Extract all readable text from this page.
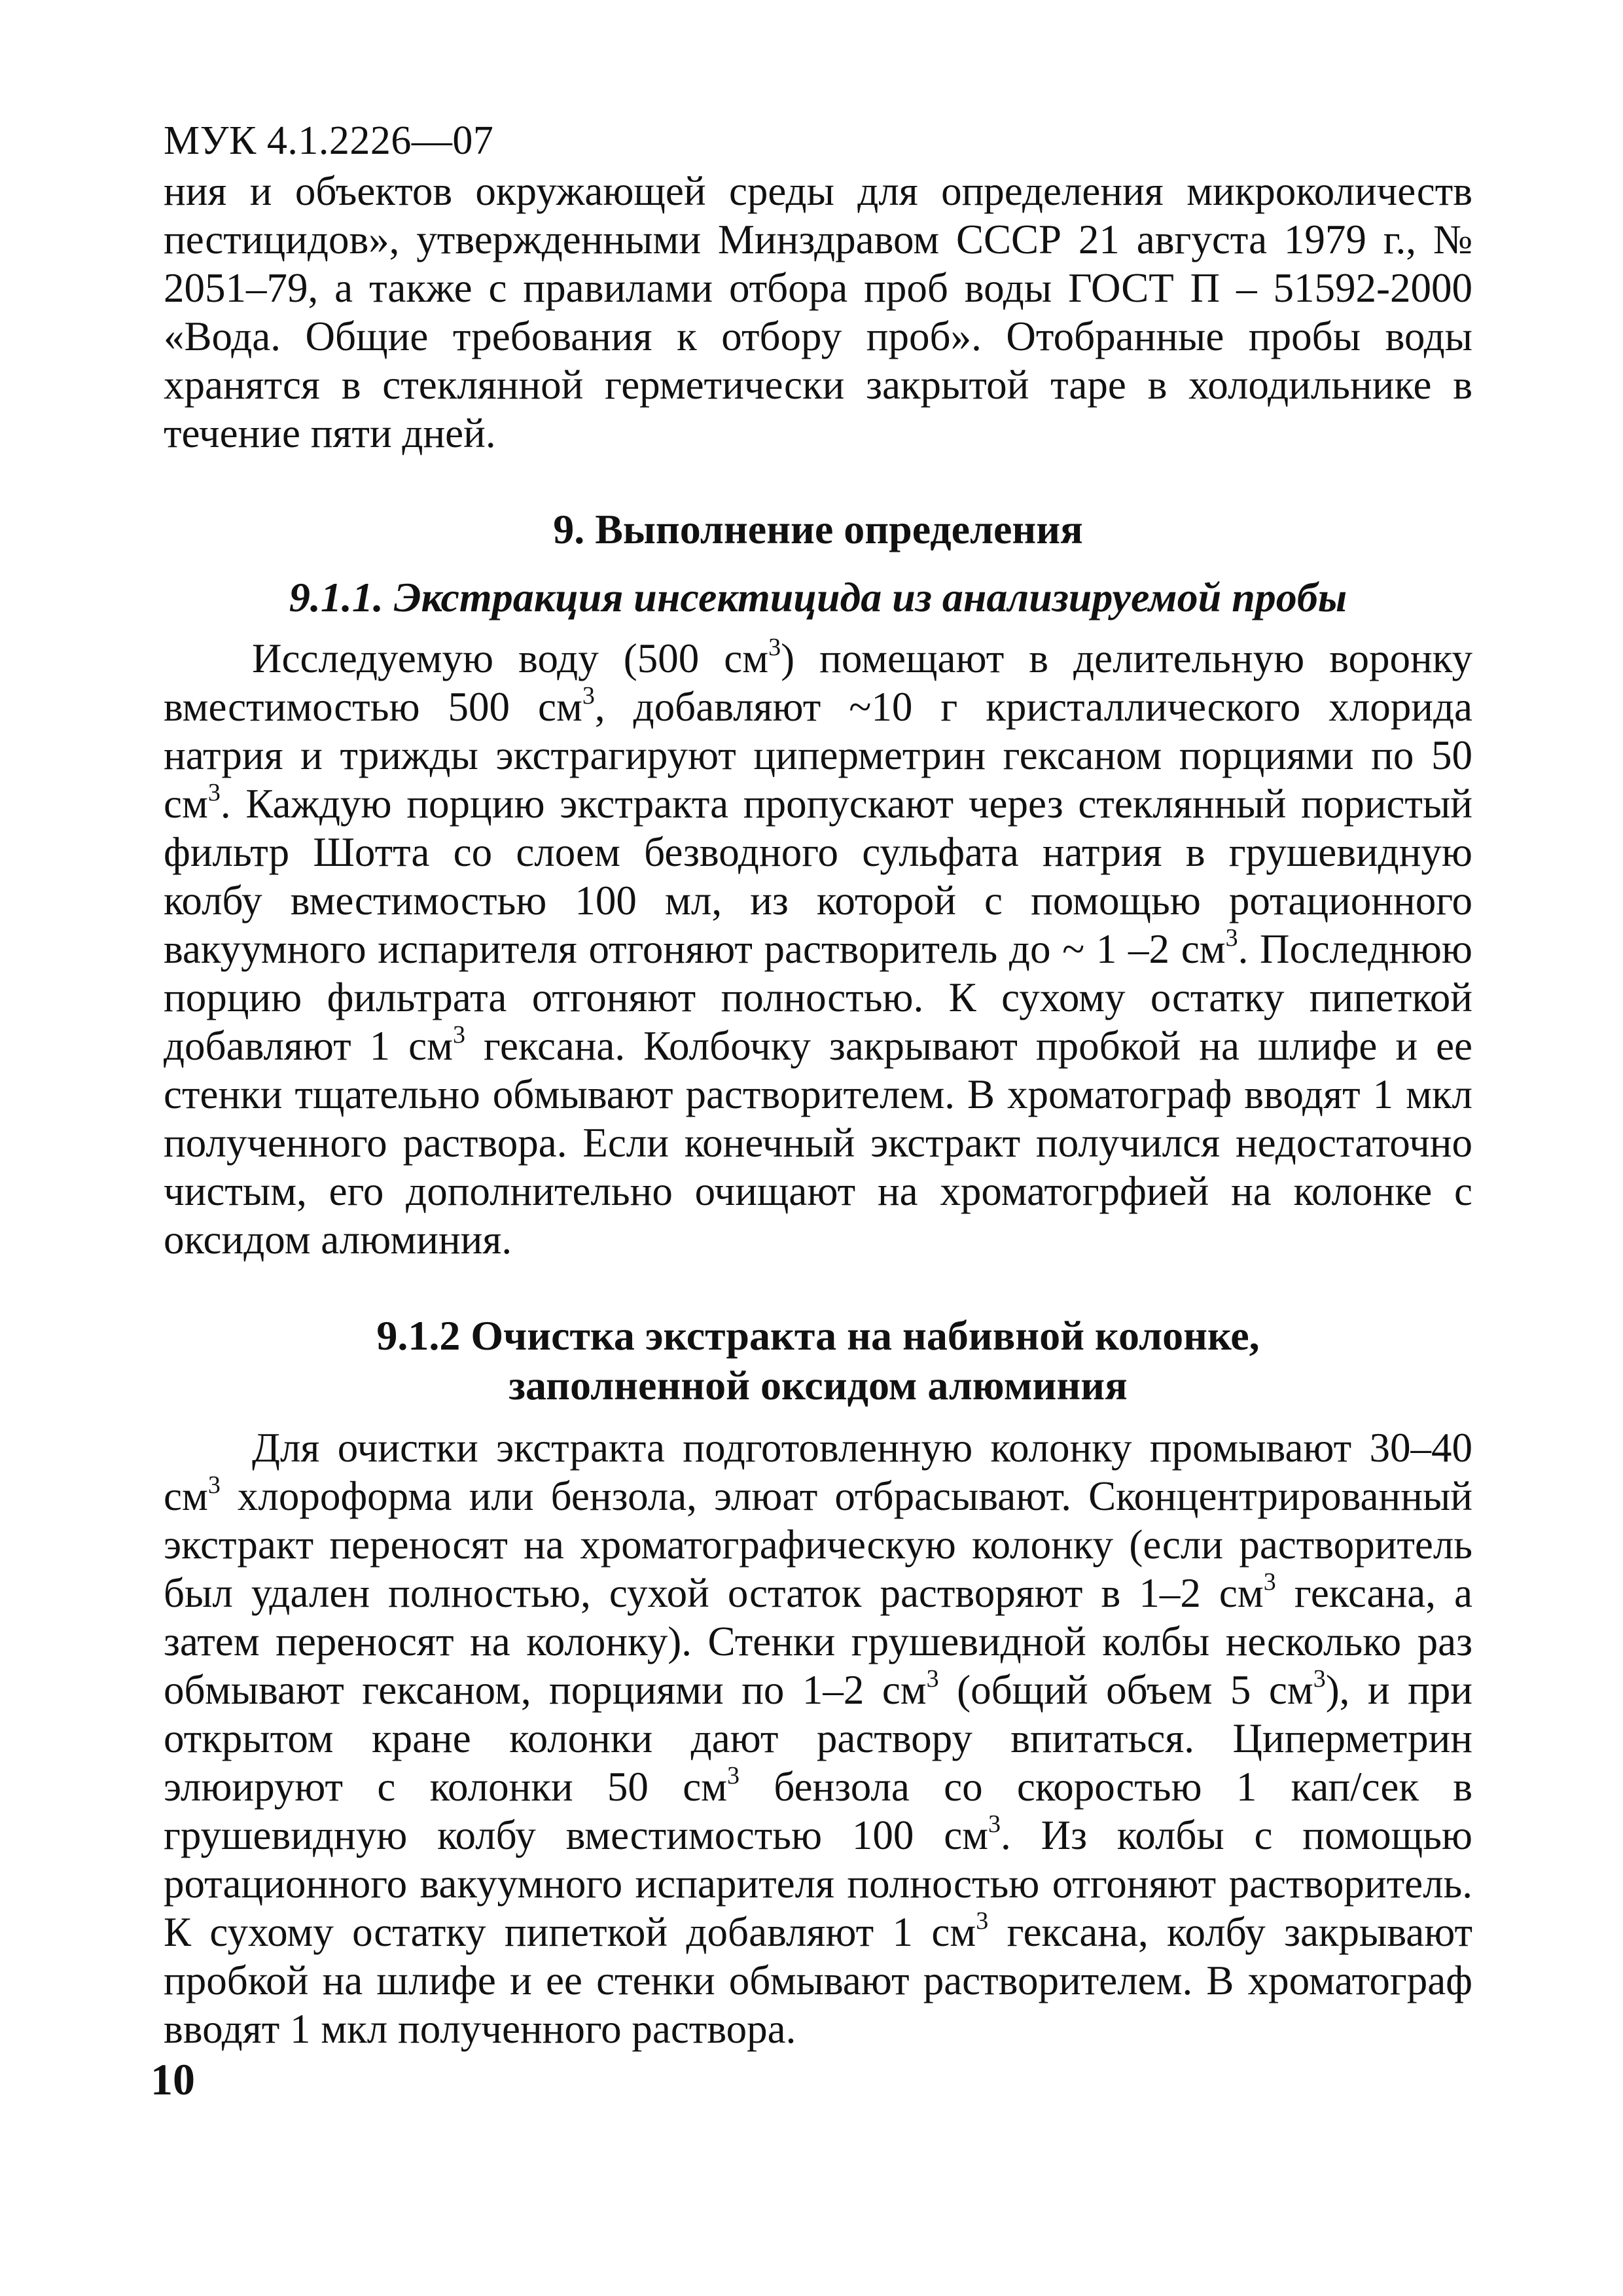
МУК 4.1.2226—07

ния и объектов окружающей среды для определения микроколичеств пестицидов», утвержденными Минздравом СССР 21 августа 1979 г., № 2051–79, а также с правилами отбора проб воды ГОСТ П – 51592-2000 «Вода. Общие требования к отбору проб». Отобранные пробы воды хранятся в стеклянной герметически закрытой таре в холодильнике в течение пяти дней.

9. Выполнение определения

9.1.1. Экстракция инсектицида из анализируемой пробы

Исследуемую воду (500 $см^3$) помещают в делительную воронку вместимостью 500 $см^3$, добавляют ~10 г кристаллического хлорида натрия и трижды экстрагируют циперметрин гексаном порциями по 50 $см^3$. Каждую порцию экстракта пропускают через стеклянный пористый фильтр Шотта со слоем безводного сульфата натрия в грушевидную колбу вместимостью 100 мл, из которой с помощью ротационного вакуумного испарителя отгоняют растворитель до ~ 1 –2 $см^3$. Последнюю порцию фильтрата отгоняют полностью. К сухому остатку пипеткой добавляют 1 $см^3$ гексана. Колбочку закрывают пробкой на шлифе и ее стенки тщательно обмывают растворителем. В хроматограф вводят 1 мкл полученного раствора. Если конечный экстракт получился недостаточно чистым, его дополнительно очищают на хроматогрфией на колонке с оксидом алюминия.

9.1.2 Очистка экстракта на набивной колонке,

заполненной оксидом алюминия

Для очистки экстракта подготовленную колонку промывают 30–40 $см^3$ хлороформа или бензола, элюат отбрасывают. Сконцентрированный экстракт переносят на хроматографическую колонку (если растворитель был удален полностью, сухой остаток растворяют в 1–2 $см^3$ гексана, а затем переносят на колонку). Стенки грушевидной колбы несколько раз обмывают гексаном, порциями по 1–2 $см^3$ (общий объем 5 $см^3$), и при открытом кране колонки дают раствору впитаться. Циперметрин элюируют с колонки 50 $см^3$ бензола со скоростью 1 кап/сек в грушевидную колбу вместимостью 100 $см^3$. Из колбы с помощью ротационного вакуумного испарителя полностью отгоняют растворитель. К сухому остатку пипеткой добавляют 1 $см^3$ гексана, колбу закрывают пробкой на шлифе и ее стенки обмывают растворителем. В хроматограф вводят 1 мкл полученного раствора.

10
